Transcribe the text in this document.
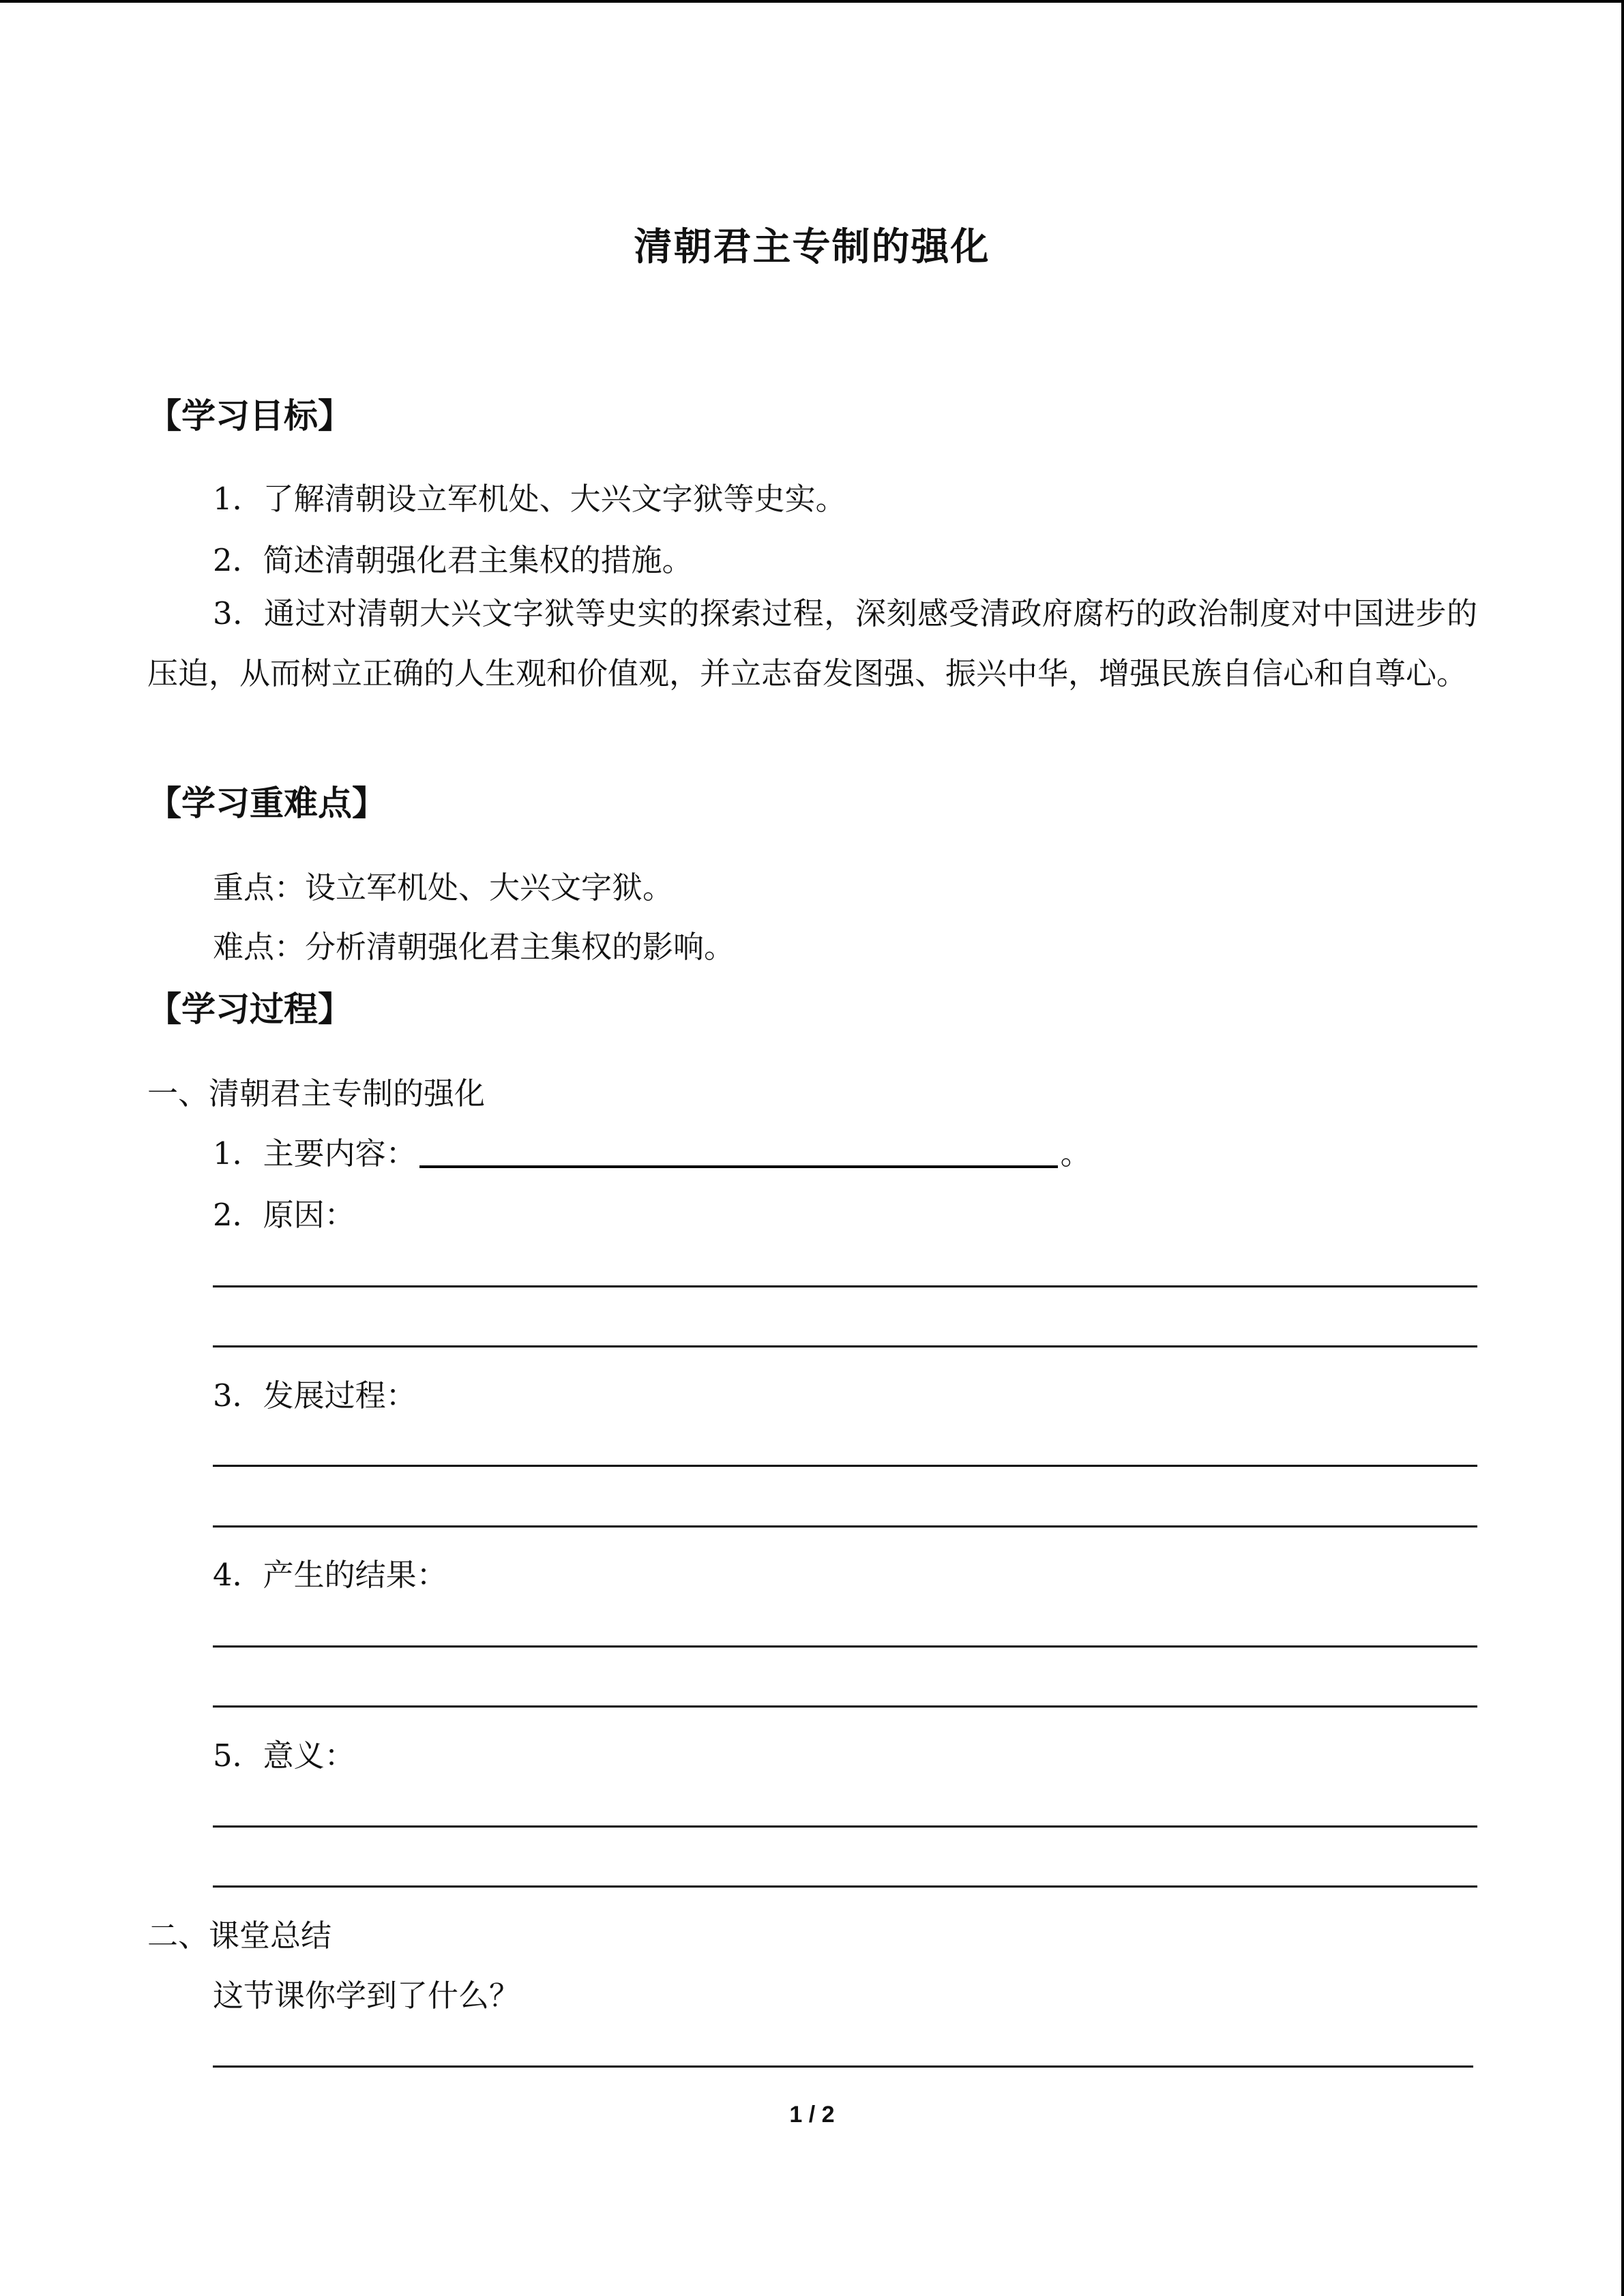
清朝君主专制的强化
【学习目标】
1．了解清朝设立军机处、大兴文字狱等史实。
2．简述清朝强化君主集权的措施。
3．通过对清朝大兴文字狱等史实的探索过程，深刻感受清政府腐朽的政治制度对中国进步的压迫，从而树立正确的人生观和价值观，并立志奋发图强、振兴中华，增强民族自信心和自尊心。
【学习重难点】
重点：设立军机处、大兴文字狱。
难点：分析清朝强化君主集权的影响。
【学习过程】
一、清朝君主专制的强化
1．主要内容：	。
2．原因：
3．发展过程：
4．产生的结果：
5．意义：
二、课堂总结
这节课你学到了什么？
1 / 2
